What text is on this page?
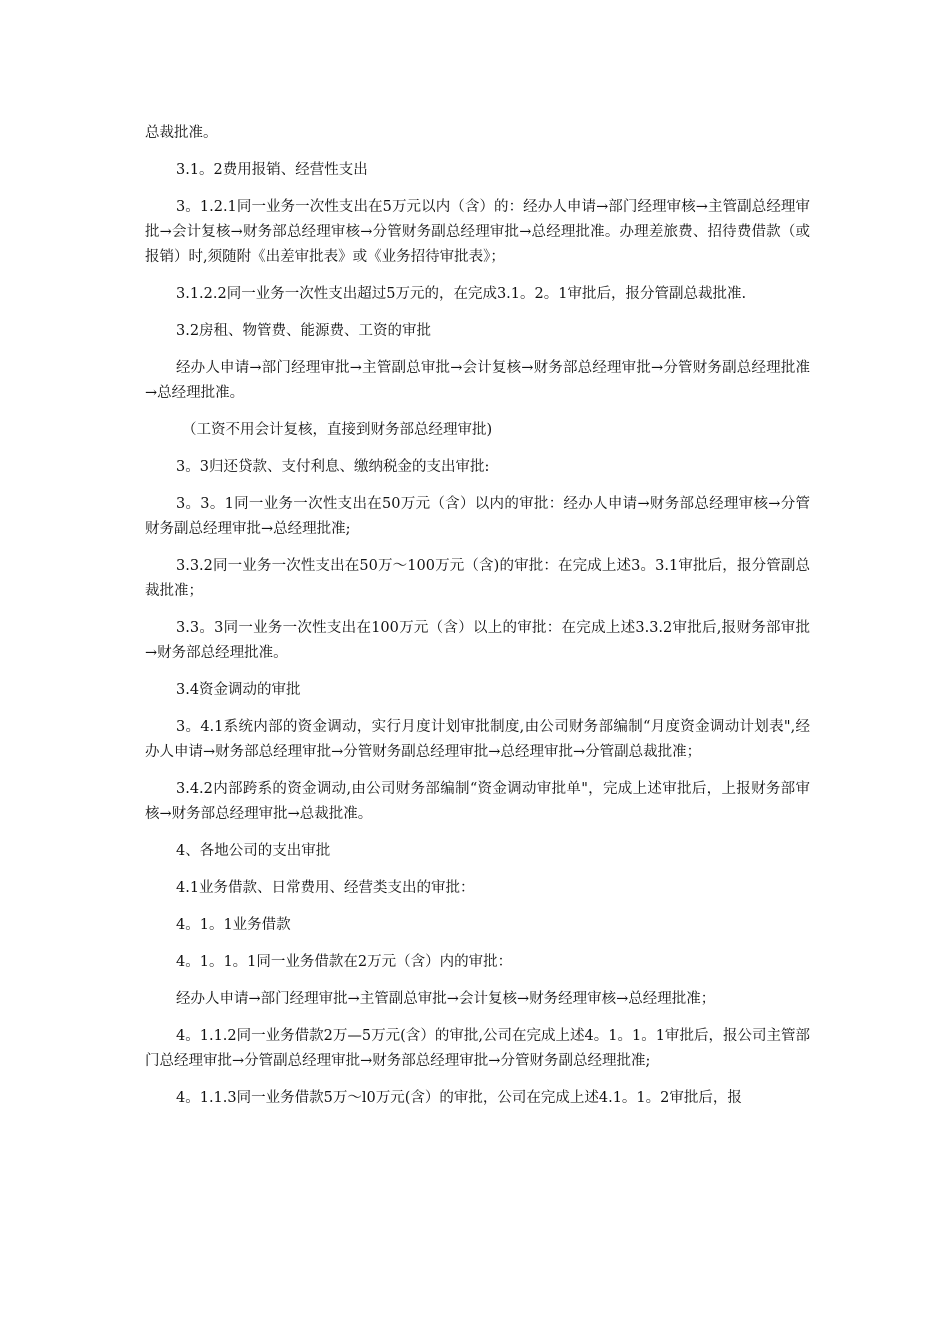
总裁批准。

3.1。2费用报销、经营性支出

3。1.2.1同一业务一次性支出在5万元以内（含）的：经办人申请→部门经理审核→主管副总经理审批→会计复核→财务部总经理审核→分管财务副总经理审批→总经理批准。办理差旅费、招待费借款（或报销）时,须随附《出差审批表》或《业务招待审批表》；

3.1.2.2同一业务一次性支出超过5万元的，在完成3.1。2。1审批后，报分管副总裁批准.

3.2房租、物管费、能源费、工资的审批

经办人申请→部门经理审批→主管副总审批→会计复核→财务部总经理审批→分管财务副总经理批准→总经理批准。

（工资不用会计复核，直接到财务部总经理审批)

3。3归还贷款、支付利息、缴纳税金的支出审批:

3。3。1同一业务一次性支出在50万元（含）以内的审批：经办人申请→财务部总经理审核→分管财务副总经理审批→总经理批准;

3.3.2同一业务一次性支出在50万～100万元（含)的审批：在完成上述3。3.1审批后，报分管副总裁批准；

3.3。3同一业务一次性支出在100万元（含）以上的审批：在完成上述3.3.2审批后,报财务部审批→财务部总经理批准。

3.4资金调动的审批

3。4.1系统内部的资金调动，实行月度计划审批制度,由公司财务部编制“月度资金调动计划表",经办人申请→财务部总经理审批→分管财务副总经理审批→总经理审批→分管副总裁批准；

3.4.2内部跨系的资金调动,由公司财务部编制“资金调动审批单"，完成上述审批后，上报财务部审核→财务部总经理审批→总裁批准。

4、各地公司的支出审批

4.1业务借款、日常费用、经营类支出的审批：

4。1。1业务借款

4。1。1。1同一业务借款在2万元（含）内的审批：

经办人申请→部门经理审批→主管副总审批→会计复核→财务经理审核→总经理批准；

4。1.1.2同一业务借款2万—5万元(含）的审批,公司在完成上述4。1。1。1审批后，报公司主管部门总经理审批→分管副总经理审批→财务部总经理审批→分管财务副总经理批准;

4。1.1.3同一业务借款5万～l0万元(含）的审批，公司在完成上述4.1。1。2审批后，报
